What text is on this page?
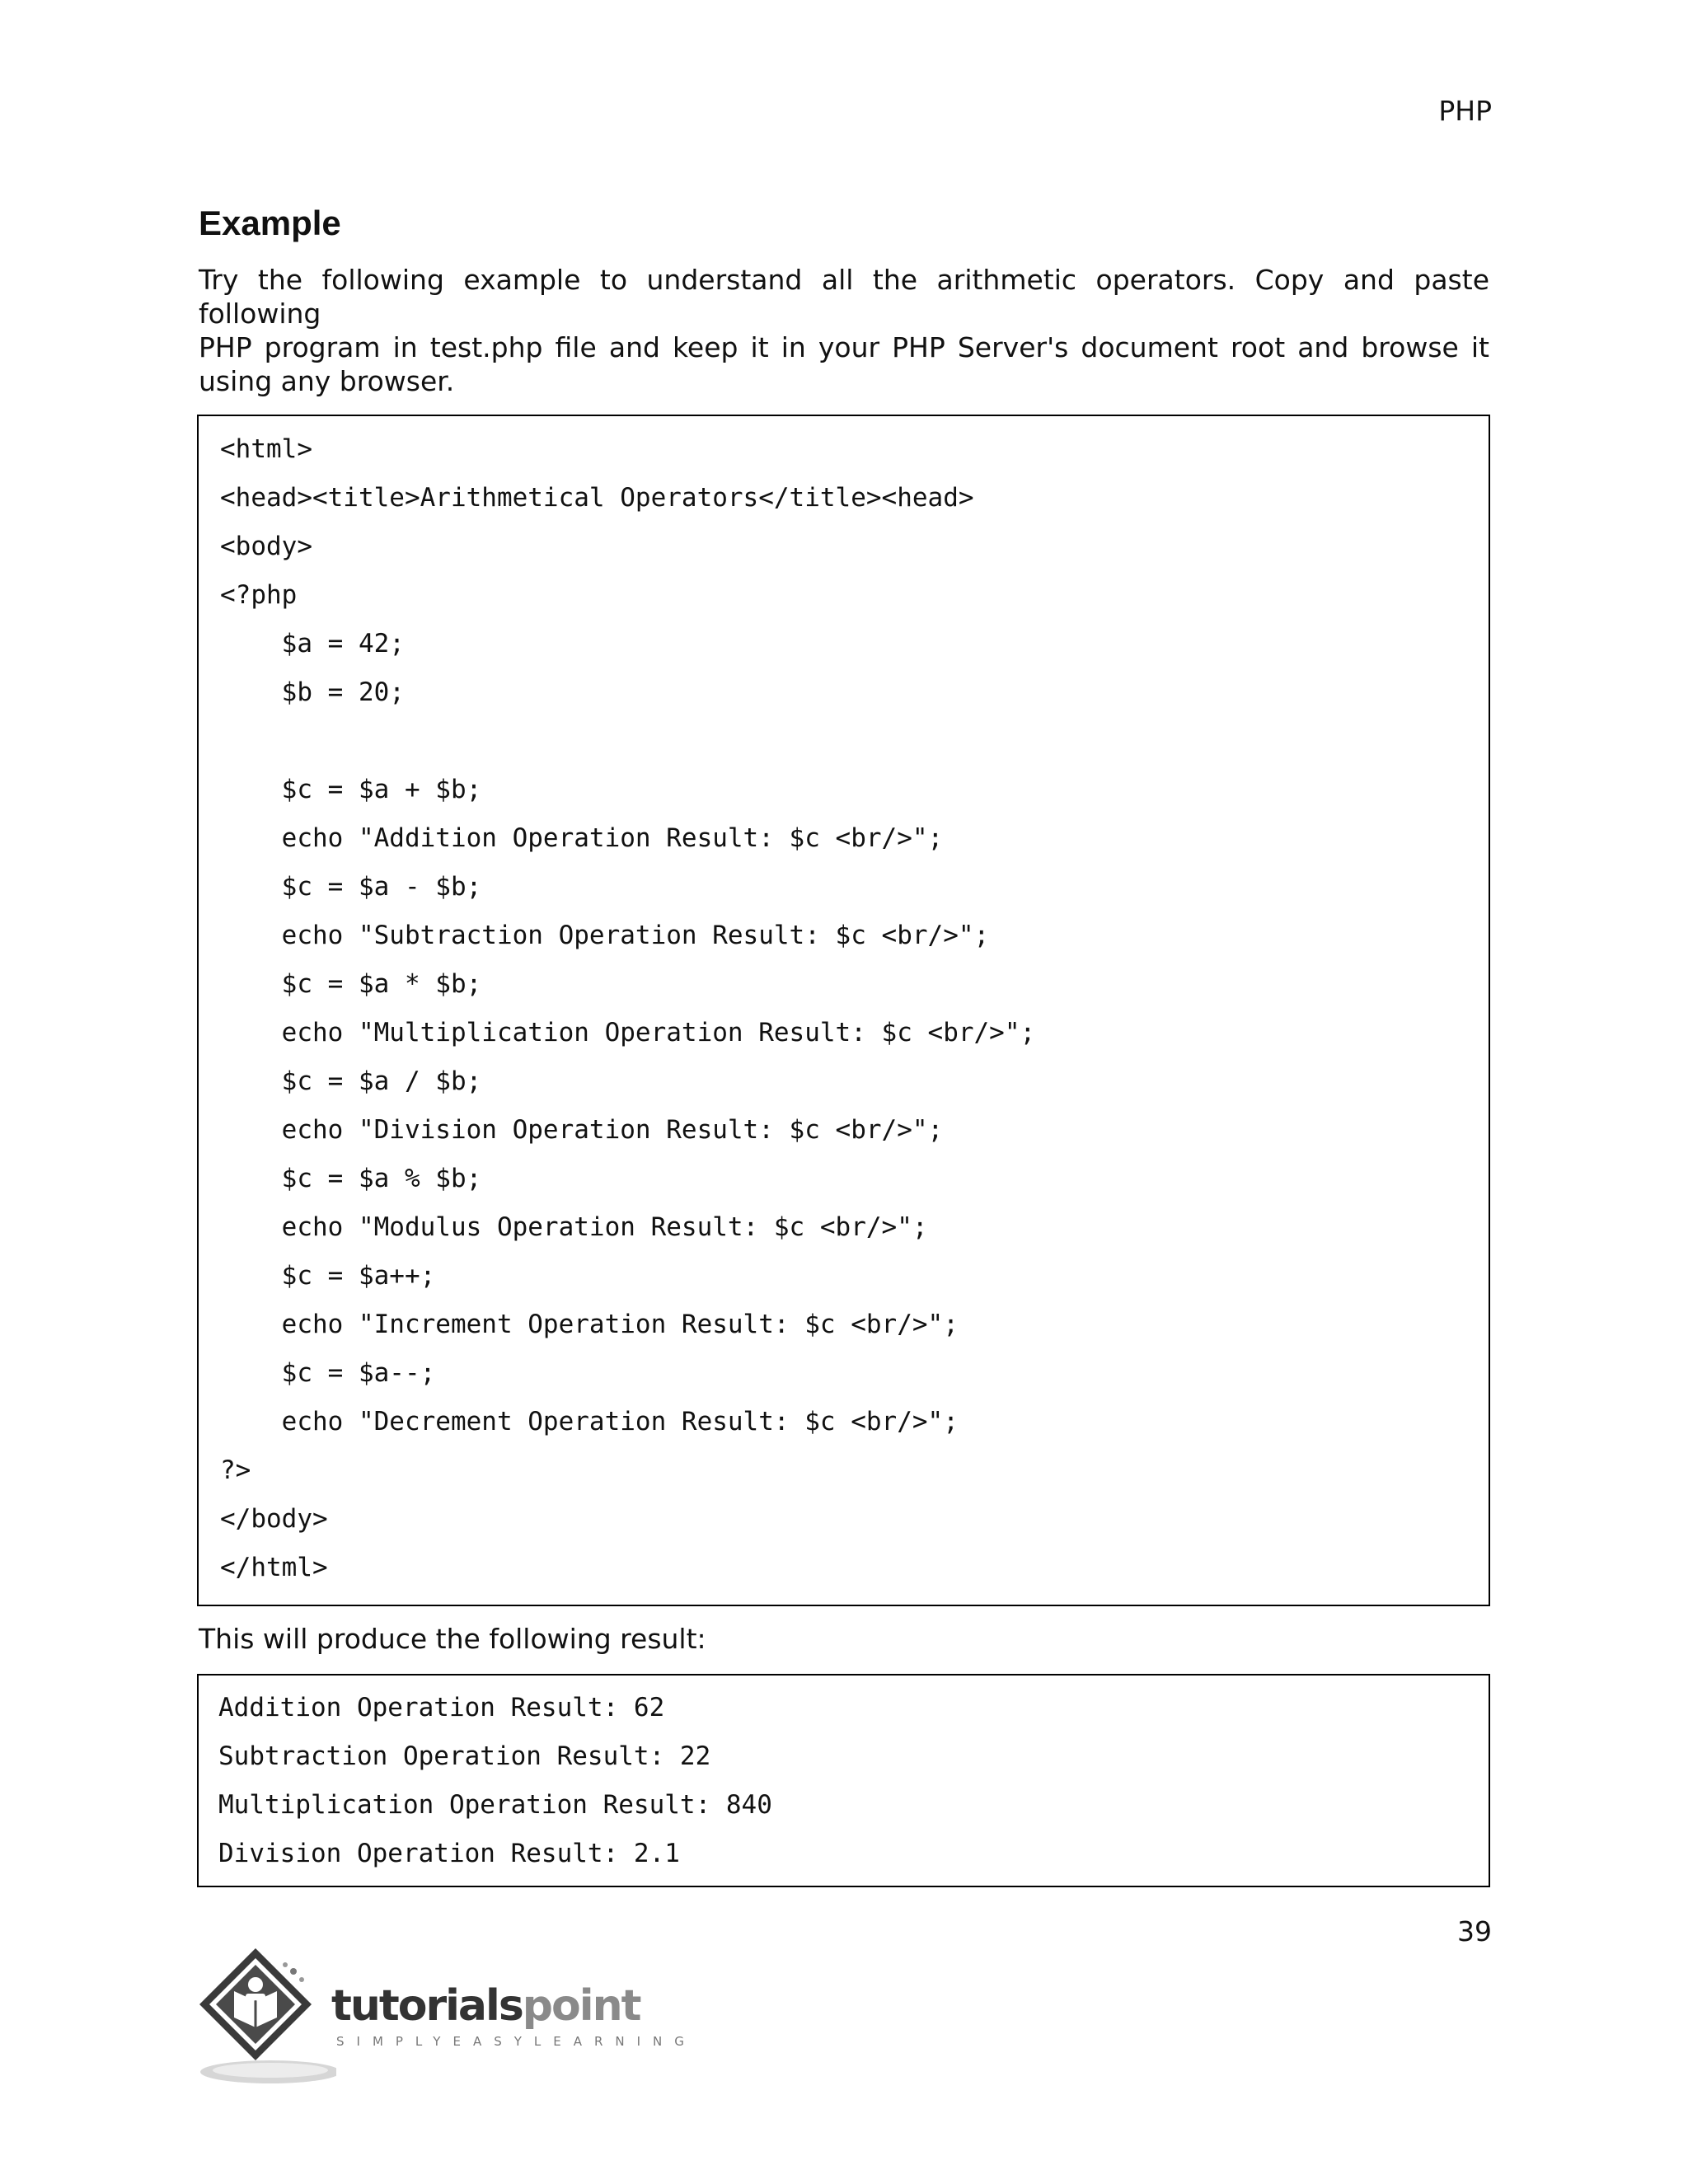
PHP
Example
Try the following example to understand all the arithmetic operators. Copy and paste following
PHP program in test.php file and keep it in your PHP Server's document root and browse it
using any browser.
<html>
<head><title>Arithmetical Operators</title><head>
<body>
<?php
$a = 42;
$b = 20;
$c = $a + $b;
echo "Addition Operation Result: $c <br/>";
$c = $a - $b;
echo "Subtraction Operation Result: $c <br/>";
$c = $a * $b;
echo "Multiplication Operation Result: $c <br/>";
$c = $a / $b;
echo "Division Operation Result: $c <br/>";
$c = $a % $b;
echo "Modulus Operation Result: $c <br/>";
$c = $a++;
echo "Increment Operation Result: $c <br/>";
$c = $a--;
echo "Decrement Operation Result: $c <br/>";
?>
</body>
</html>
This will produce the following result:
Addition Operation Result: 62
Subtraction Operation Result: 22
Multiplication Operation Result: 840
Division Operation Result: 2.1
39
tutorialspoint
SIMPLYEASYLEARNING
